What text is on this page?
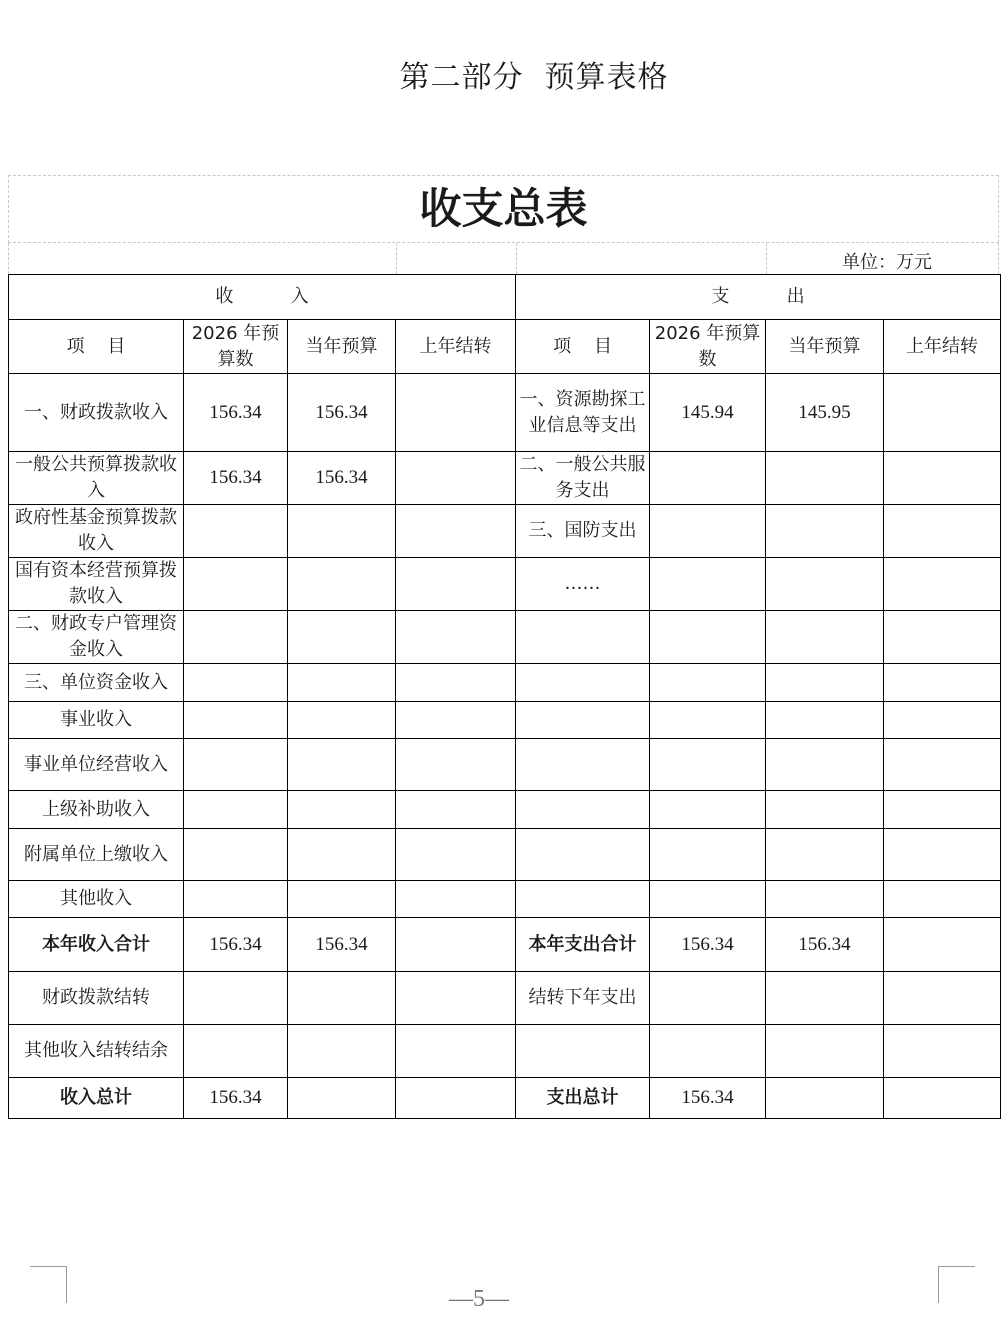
第二部分  预算表格
收支总表
单位：万元
收          入				支          出			
项    目	2026 年预算数	当年预算	上年结转	项    目	2026 年预算数	当年预算	上年结转
一、财政拨款收入	156.34	156.34		一、资源勘探工业信息等支出	145.94	145.95	
一般公共预算拨款收入	156.34	156.34		二、一般公共服务支出			
政府性基金预算拨款收入				三、国防支出			
国有资本经营预算拨款收入				……			
二、财政专户管理资金收入							
三、单位资金收入							
事业收入							
事业单位经营收入							
上级补助收入							
附属单位上缴收入							
其他收入							
本年收入合计	156.34	156.34		本年支出合计	156.34	156.34	
财政拨款结转				结转下年支出			
其他收入结转结余							
收入总计	156.34			支出总计	156.34		
—5—
